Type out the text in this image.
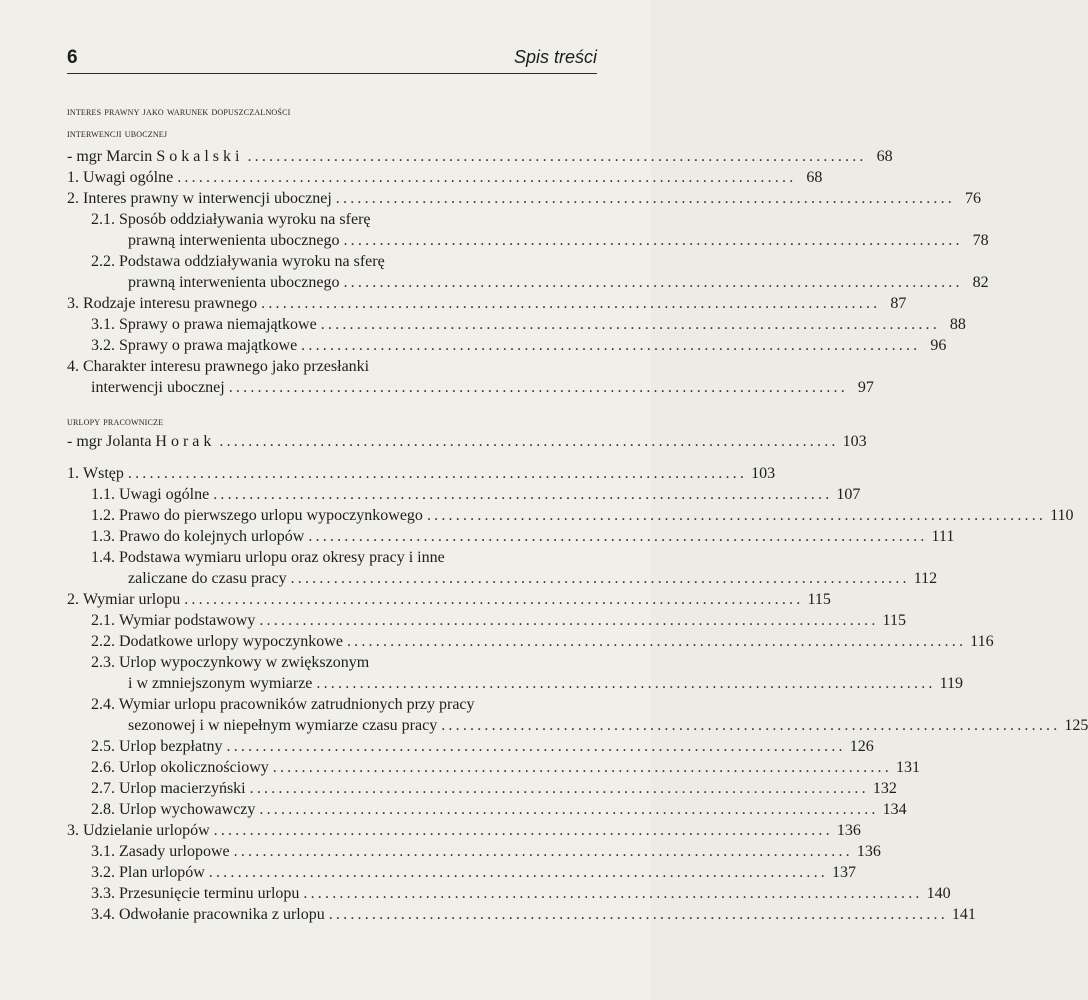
6	Spis treści
interes prawny jako warunek dopuszczalności
interwencji ubocznej
- mgr Marcin
Sokalski ...................................................................................... 68
1. Uwagi ogólne ...................................................................................... 68
2. Interes prawny w interwencji ubocznej ...................................................................................... 76
2.1. Sposób oddziaływania wyroku na sferę
prawną interwenienta ubocznego ...................................................................................... 78
2.2. Podstawa oddziaływania wyroku na sferę
prawną interwenienta ubocznego ...................................................................................... 82
3. Rodzaje interesu prawnego ...................................................................................... 87
3.1. Sprawy o prawa niemajątkowe ...................................................................................... 88
3.2. Sprawy o prawa majątkowe ...................................................................................... 96
4. Charakter interesu prawnego jako przesłanki
interwencji ubocznej ...................................................................................... 97
urlopy pracownicze
- mgr Jolanta
Horak ...................................................................................... 103
1. Wstęp ...................................................................................... 103
1.1. Uwagi ogólne ...................................................................................... 107
1.2. Prawo do pierwszego urlopu wypoczynkowego ...................................................................................... 110
1.3. Prawo do kolejnych urlopów ...................................................................................... 111
1.4. Podstawa wymiaru urlopu oraz okresy pracy i inne
zaliczane do czasu pracy ...................................................................................... 112
2. Wymiar urlopu ...................................................................................... 115
2.1. Wymiar podstawowy ...................................................................................... 115
2.2. Dodatkowe urlopy wypoczynkowe ...................................................................................... 116
2.3. Urlop wypoczynkowy w zwiększonym
i w zmniejszonym wymiarze ...................................................................................... 119
2.4. Wymiar urlopu pracowników zatrudnionych przy pracy
sezonowej i w niepełnym wymiarze czasu pracy ...................................................................................... 125
2.5. Urlop bezpłatny ...................................................................................... 126
2.6. Urlop okolicznościowy ...................................................................................... 131
2.7. Urlop macierzyński ...................................................................................... 132
2.8. Urlop wychowawczy ...................................................................................... 134
3. Udzielanie urlopów ...................................................................................... 136
3.1. Zasady urlopowe ...................................................................................... 136
3.2. Plan urlopów ...................................................................................... 137
3.3. Przesunięcie terminu urlopu ...................................................................................... 140
3.4. Odwołanie pracownika z urlopu ...................................................................................... 141
